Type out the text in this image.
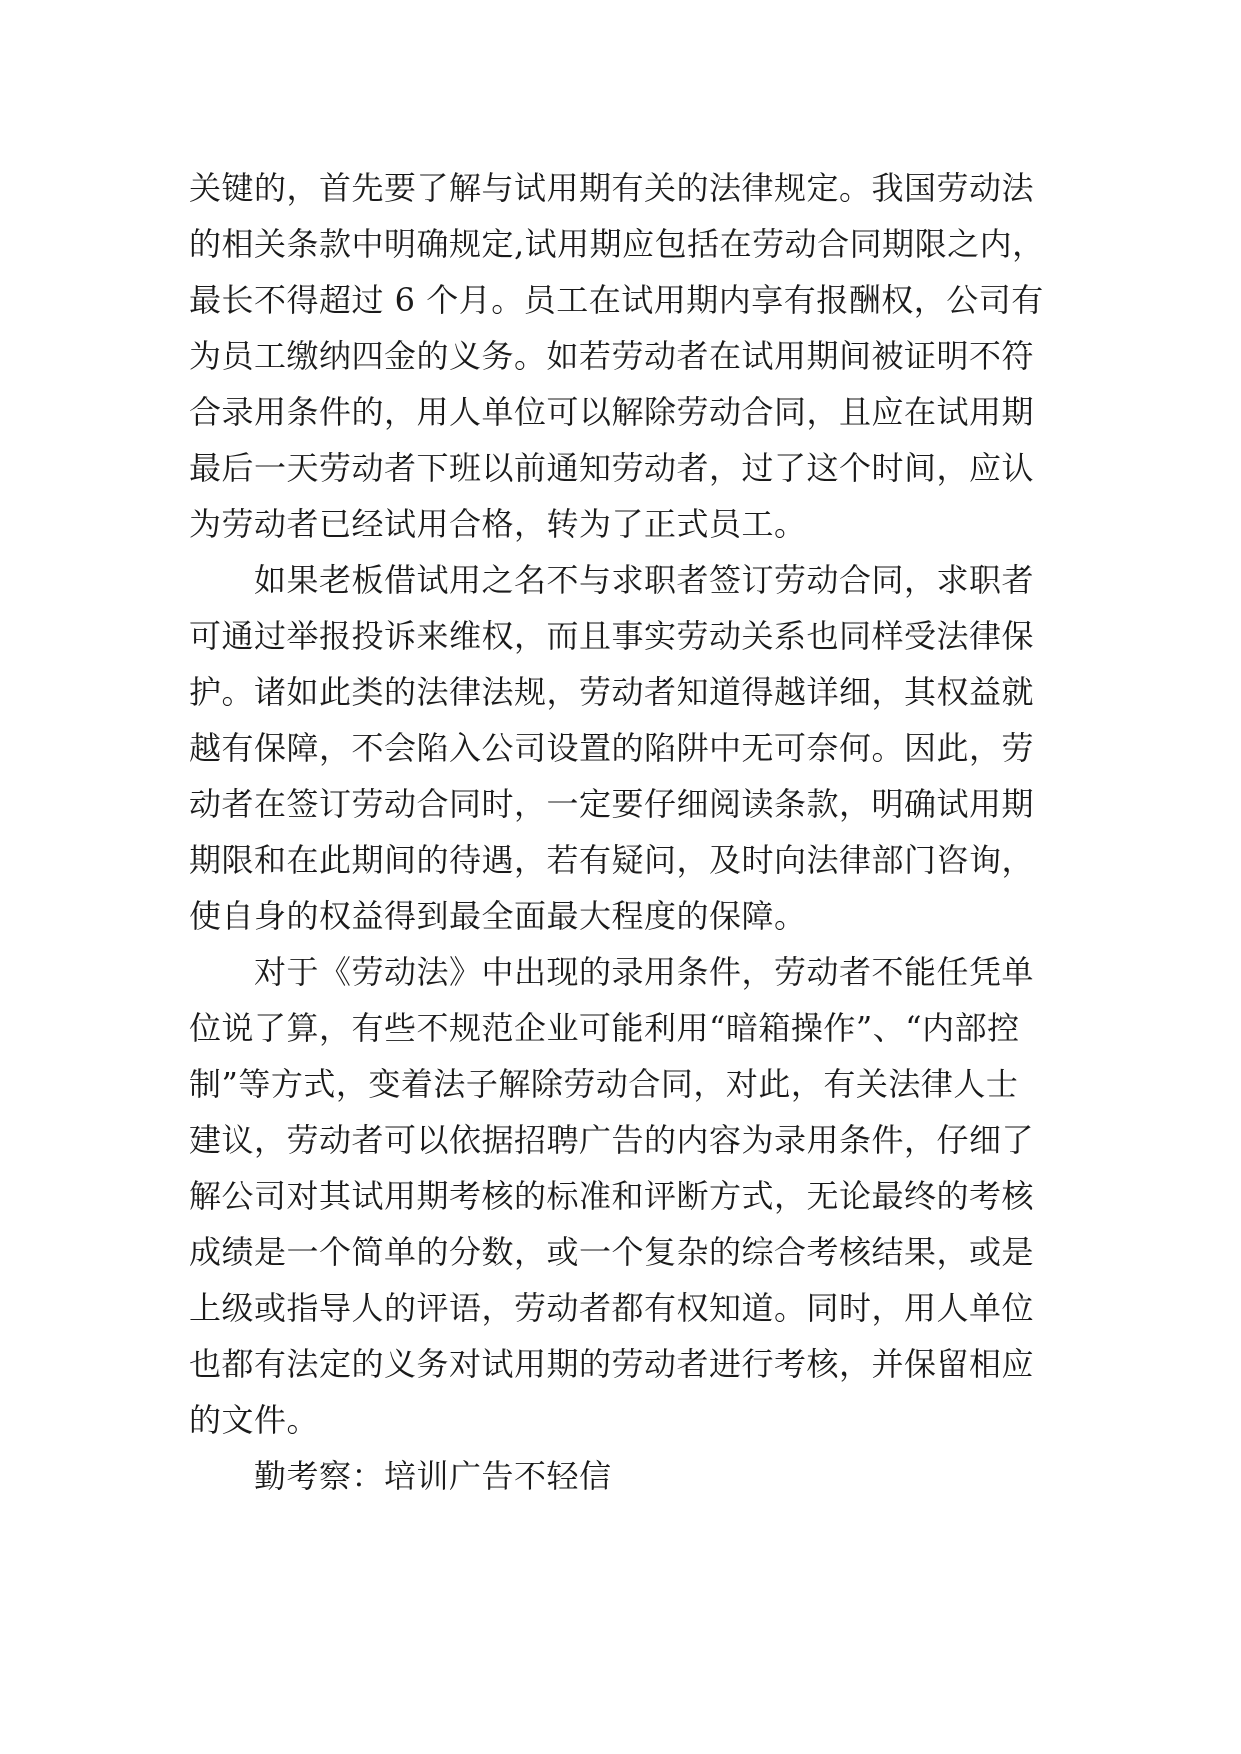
关键的，首先要了解与试用期有关的法律规定。我国劳动法
的相关条款中明确规定,试用期应包括在劳动合同期限之内，
最长不得超过 6 个月。员工在试用期内享有报酬权，公司有
为员工缴纳四金的义务。如若劳动者在试用期间被证明不符
合录用条件的，用人单位可以解除劳动合同，且应在试用期
最后一天劳动者下班以前通知劳动者，过了这个时间，应认
为劳动者已经试用合格，转为了正式员工。
　　如果老板借试用之名不与求职者签订劳动合同，求职者
可通过举报投诉来维权，而且事实劳动关系也同样受法律保
护。诸如此类的法律法规，劳动者知道得越详细，其权益就
越有保障，不会陷入公司设置的陷阱中无可奈何。因此，劳
动者在签订劳动合同时，一定要仔细阅读条款，明确试用期
期限和在此期间的待遇，若有疑问，及时向法律部门咨询，
使自身的权益得到最全面最大程度的保障。
　　对于《劳动法》中出现的录用条件，劳动者不能任凭单
位说了算，有些不规范企业可能利用“暗箱操作”、“内部控
制”等方式，变着法子解除劳动合同，对此，有关法律人士
建议，劳动者可以依据招聘广告的内容为录用条件，仔细了
解公司对其试用期考核的标准和评断方式，无论最终的考核
成绩是一个简单的分数，或一个复杂的综合考核结果，或是
上级或指导人的评语，劳动者都有权知道。同时，用人单位
也都有法定的义务对试用期的劳动者进行考核，并保留相应
的文件。
　　勤考察：培训广告不轻信
